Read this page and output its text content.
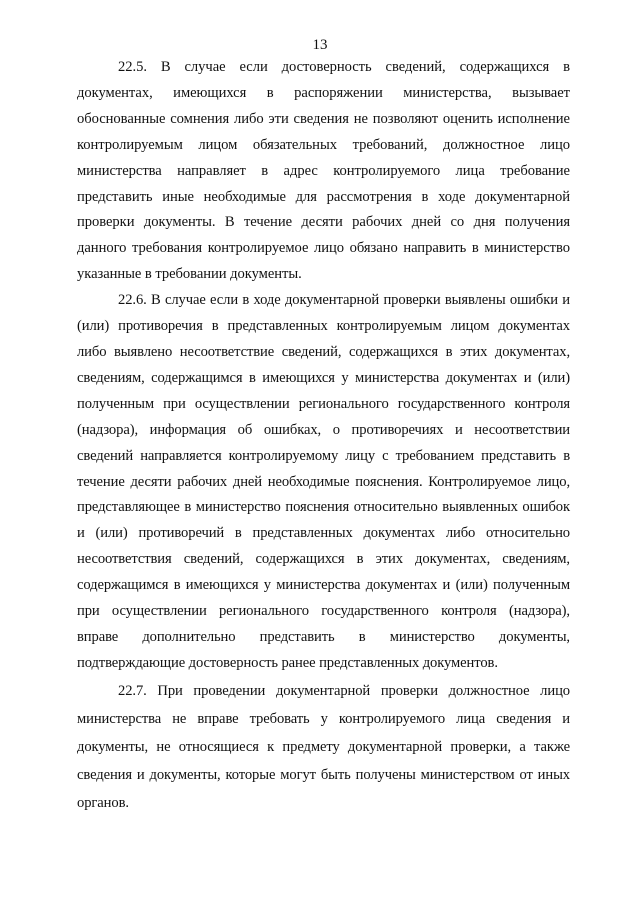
13

22.5. В случае если достоверность сведений, содержащихся в документах, имеющихся в распоряжении министерства, вызывает обоснованные сомнения либо эти сведения не позволяют оценить исполнение контролируемым лицом обязательных требований, должностное лицо министерства направляет в адрес контролируемого лица требование представить иные необходимые для рассмотрения в ходе документарной проверки документы. В течение десяти рабочих дней со дня получения данного требования контролируемое лицо обязано направить в министерство указанные в требовании документы.

22.6. В случае если в ходе документарной проверки выявлены ошибки и (или) противоречия в представленных контролируемым лицом документах либо выявлено несоответствие сведений, содержащихся в этих документах, сведениям, содержащимся в имеющихся у министерства документах и (или) полученным при осуществлении регионального государственного контроля (надзора), информация об ошибках, о противоречиях и несоответствии сведений направляется контролируемому лицу с требованием представить в течение десяти рабочих дней необходимые пояснения. Контролируемое лицо, представляющее в министерство пояснения относительно выявленных ошибок и (или) противоречий в представленных документах либо относительно несоответствия сведений, содержащихся в этих документах, сведениям, содержащимся в имеющихся у министерства документах и (или) полученным при осуществлении регионального государственного контроля (надзора), вправе дополнительно представить в министерство документы, подтверждающие достоверность ранее представленных документов.

22.7. При проведении документарной проверки должностное лицо министерства не вправе требовать у контролируемого лица сведения и документы, не относящиеся к предмету документарной проверки, а также сведения и документы, которые могут быть получены министерством от иных органов.
